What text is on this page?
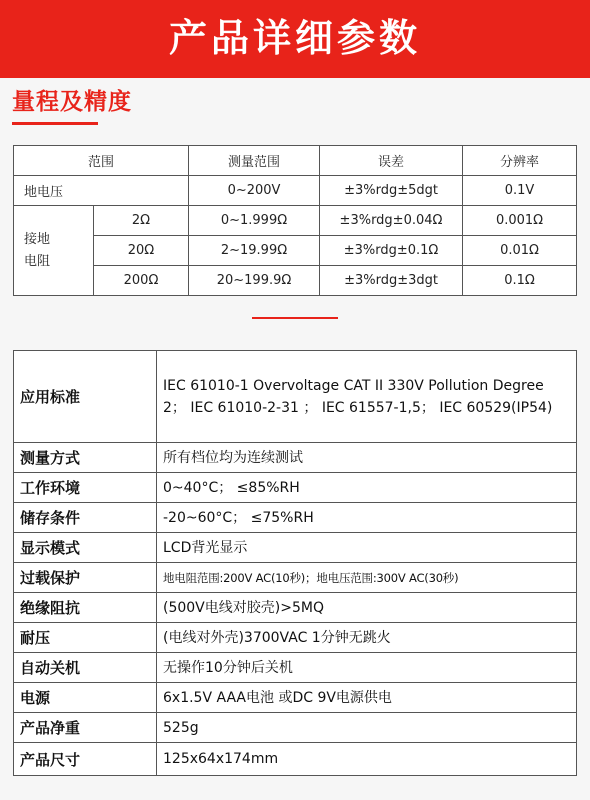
产品详细参数
量程及精度
范围		测量范围	误差	分辨率
地电压		0~200V	±3%rdg±5dgt	0.1V
接地
电阻	2Ω	0~1.999Ω	±3%rdg±0.04Ω	0.001Ω
	20Ω	2~19.99Ω	±3%rdg±0.1Ω	0.01Ω
	200Ω	20~199.9Ω	±3%rdg±3dgt	0.1Ω
应用标准	IEC 61010-1 Overvoltage CAT II 330V Pollution Degree 2； IEC 61010-2-31 ； IEC 61557-1,5； IEC 60529(IP54)
测量方式	所有档位均为连续测试
工作环境	0~40°C； ≤85%RH
储存条件	-20~60°C； ≤75%RH
显示模式	LCD背光显示
过载保护	地电阻范围:200V AC(10秒)；地电压范围:300V AC(30秒)
绝缘阻抗	(500V电线对胶壳)>5MQ
耐压	(电线对外壳)3700VAC 1分钟无跳火
自动关机	无操作10分钟后关机
电源	6x1.5V AAA电池 或DC 9V电源供电
产品净重	525g
产品尺寸	125x64x174mm
